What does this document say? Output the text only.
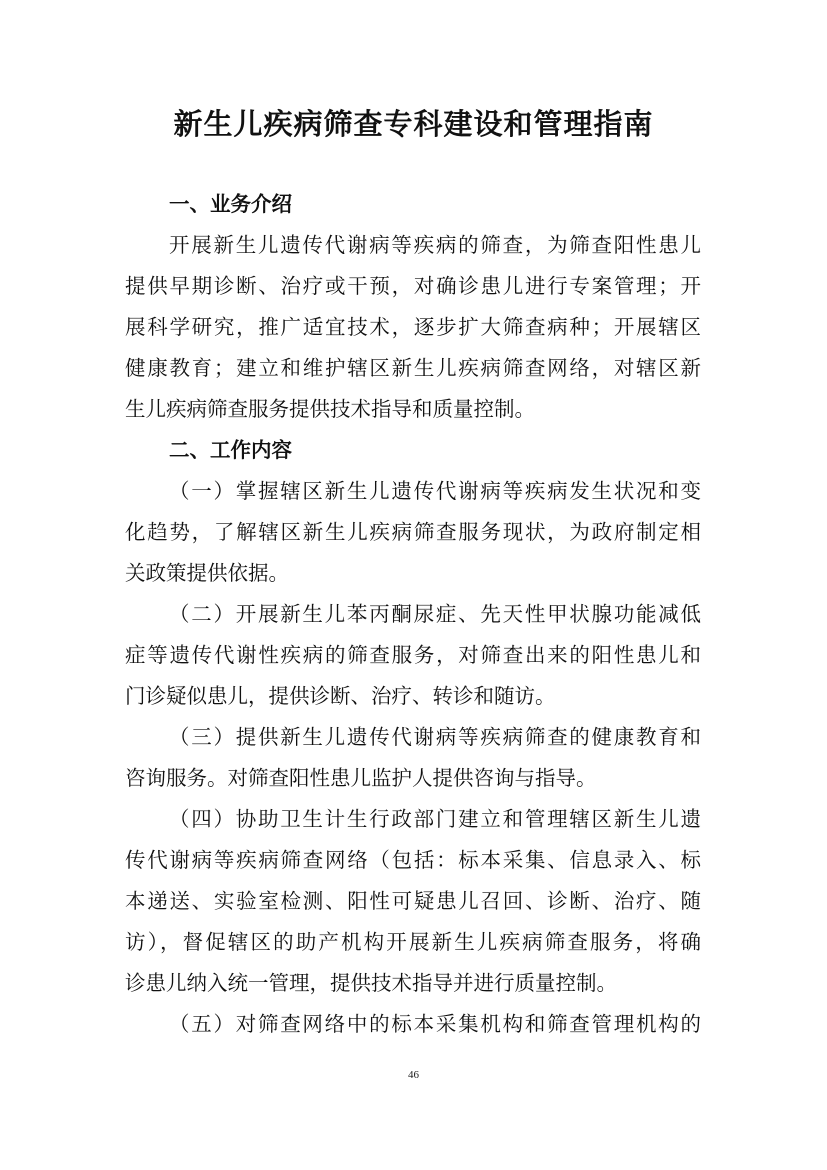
新生儿疾病筛查专科建设和管理指南
一、业务介绍
开展新生儿遗传代谢病等疾病的筛查，为筛查阳性患儿
提供早期诊断、治疗或干预，对确诊患儿进行专案管理；开
展科学研究，推广适宜技术，逐步扩大筛查病种；开展辖区
健康教育；建立和维护辖区新生儿疾病筛查网络，对辖区新
生儿疾病筛查服务提供技术指导和质量控制。
二、工作内容
（一）掌握辖区新生儿遗传代谢病等疾病发生状况和变
化趋势，了解辖区新生儿疾病筛查服务现状，为政府制定相
关政策提供依据。
（二）开展新生儿苯丙酮尿症、先天性甲状腺功能减低
症等遗传代谢性疾病的筛查服务，对筛查出来的阳性患儿和
门诊疑似患儿，提供诊断、治疗、转诊和随访。
（三）提供新生儿遗传代谢病等疾病筛查的健康教育和
咨询服务。对筛查阳性患儿监护人提供咨询与指导。
（四）协助卫生计生行政部门建立和管理辖区新生儿遗
传代谢病等疾病筛查网络（包括：标本采集、信息录入、标
本递送、实验室检测、阳性可疑患儿召回、诊断、治疗、随
访），督促辖区的助产机构开展新生儿疾病筛查服务，将确
诊患儿纳入统一管理，提供技术指导并进行质量控制。
（五）对筛查网络中的标本采集机构和筛查管理机构的
46
